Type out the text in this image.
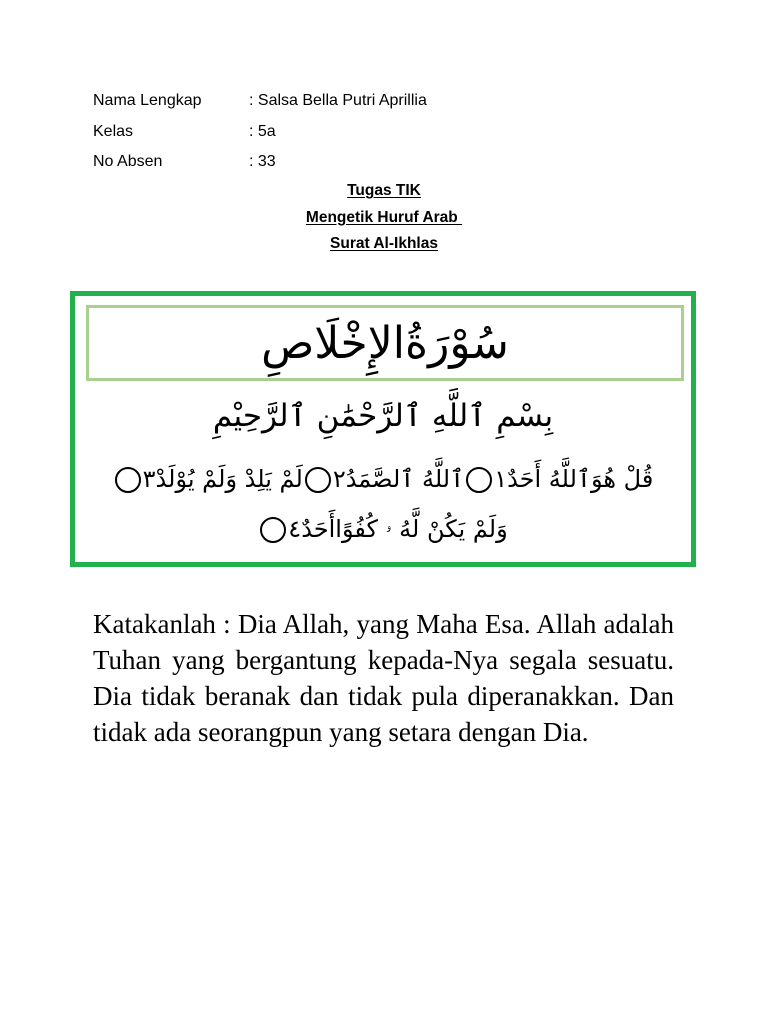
Nama Lengkap	: Salsa Bella Putri Aprillia
Kelas	: 5a
No Absen	: 33
Tugas TIK
Mengetik Huruf Arab
Surat Al-Ikhlas
سُوْرَةُالإِخْلَاصِ
بِسْمِ ٱللَّهِ ٱلرَّحْمَٰنِ ٱلرَّحِيْمِ
قُلْ هُوَٱللَّهُ أَحَدٌ١ٱللَّهُ ٱلصَّمَدُ٢لَمْ يَلِدْ وَلَمْ يُوْلَدْ٣
وَلَمْ يَكُنْ لَّهُ ۥ كُفُوًاأَحَدٌ٤
Katakanlah : Dia Allah, yang Maha Esa. Allah adalah Tuhan yang bergantung kepada-Nya segala sesuatu. Dia tidak beranak dan tidak pula diperanakkan. Dan tidak ada seorangpun yang setara dengan Dia.
